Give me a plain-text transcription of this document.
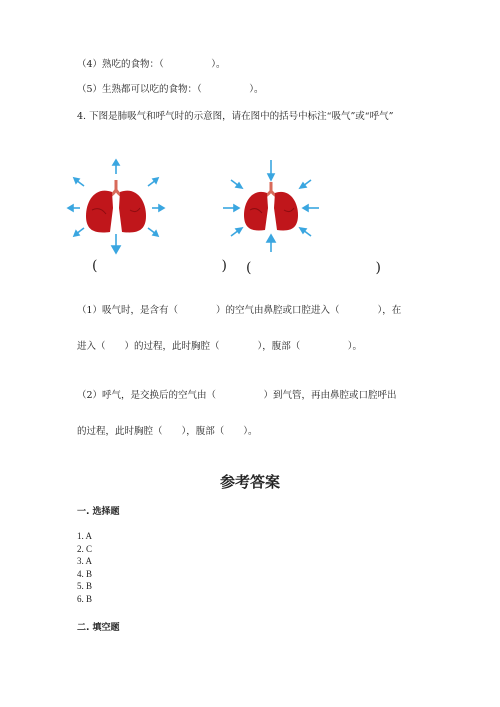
（4）熟吃的食物：（　　　　　）。
（5）生熟都可以吃的食物：（　　　　　）。
4. 下图是肺吸气和呼气时的示意图，请在图中的括号中标注“吸气”或“呼气”
(　　)
(　　)
（1）吸气时，是含有（　　　　）的空气由鼻腔或口腔进入（　　　　），在
进入（　　）的过程，此时胸腔（　　　　），腹部（　　　　　）。
（2）呼气，是交换后的空气由（　　　　　）到气管，再由鼻腔或口腔呼出
的过程，此时胸腔（　　），腹部（　　）。
参考答案
一. 选择题
1. A
2. C
3. A
4. B
5. B
6. B
二. 填空题
